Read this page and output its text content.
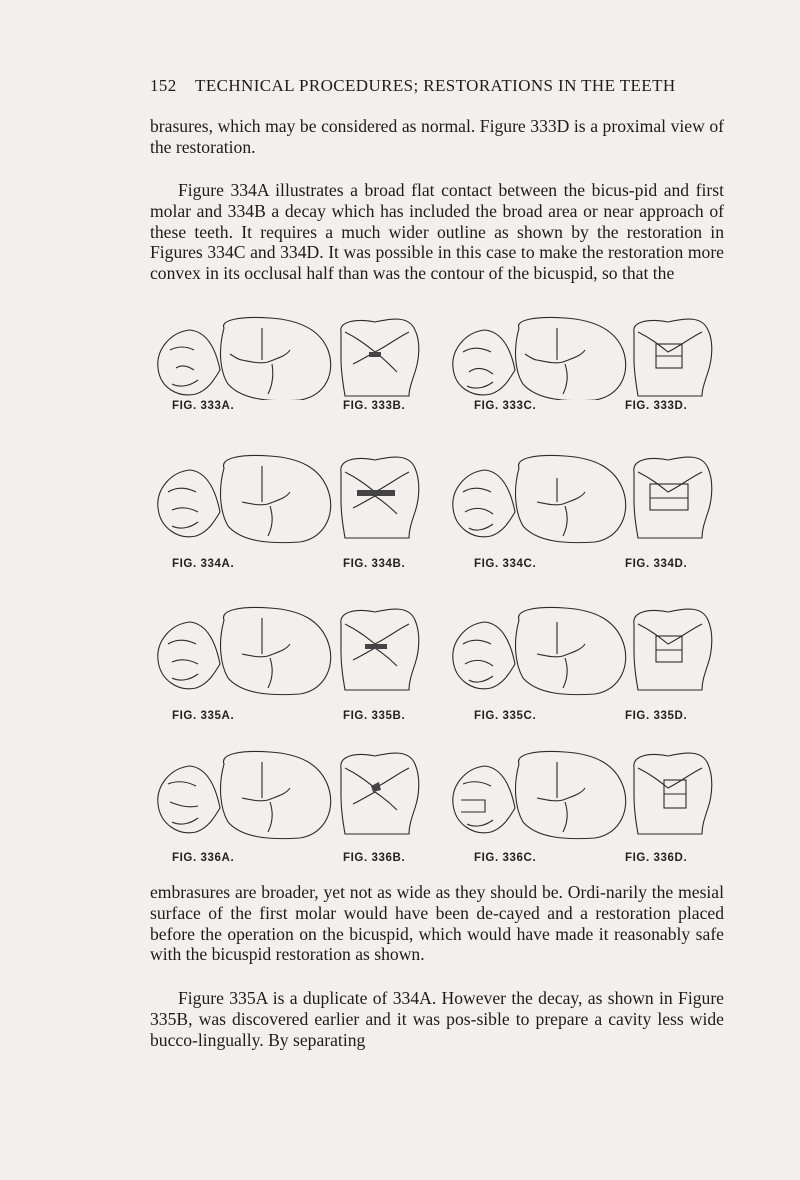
152 TECHNICAL PROCEDURES; RESTORATIONS IN THE TEETH

brasures, which may be considered as normal. Figure 333D is a proximal view of the restoration.

Figure 334A illustrates a broad flat contact between the bicus-pid and first molar and 334B a decay which has included the broad area or near approach of these teeth. It requires a much wider outline as shown by the restoration in Figures 334C and 334D. It was possible in this case to make the restoration more convex in its occlusal half than was the contour of the bicuspid, so that the

FIG. 333A.	FIG. 333B.	FIG. 333C.	FIG. 333D.
FIG. 334A.	FIG. 334B.	FIG. 334C.	FIG. 334D.
FIG. 335A.	FIG. 335B.	FIG. 335C.	FIG. 335D.
FIG. 336A.	FIG. 336B.	FIG. 336C.	FIG. 336D.

embrasures are broader, yet not as wide as they should be. Ordi-narily the mesial surface of the first molar would have been de-cayed and a restoration placed before the operation on the bicuspid, which would have made it reasonably safe with the bicuspid restoration as shown.

Figure 335A is a duplicate of 334A. However the decay, as shown in Figure 335B, was discovered earlier and it was pos-sible to prepare a cavity less wide bucco-lingually. By separating
